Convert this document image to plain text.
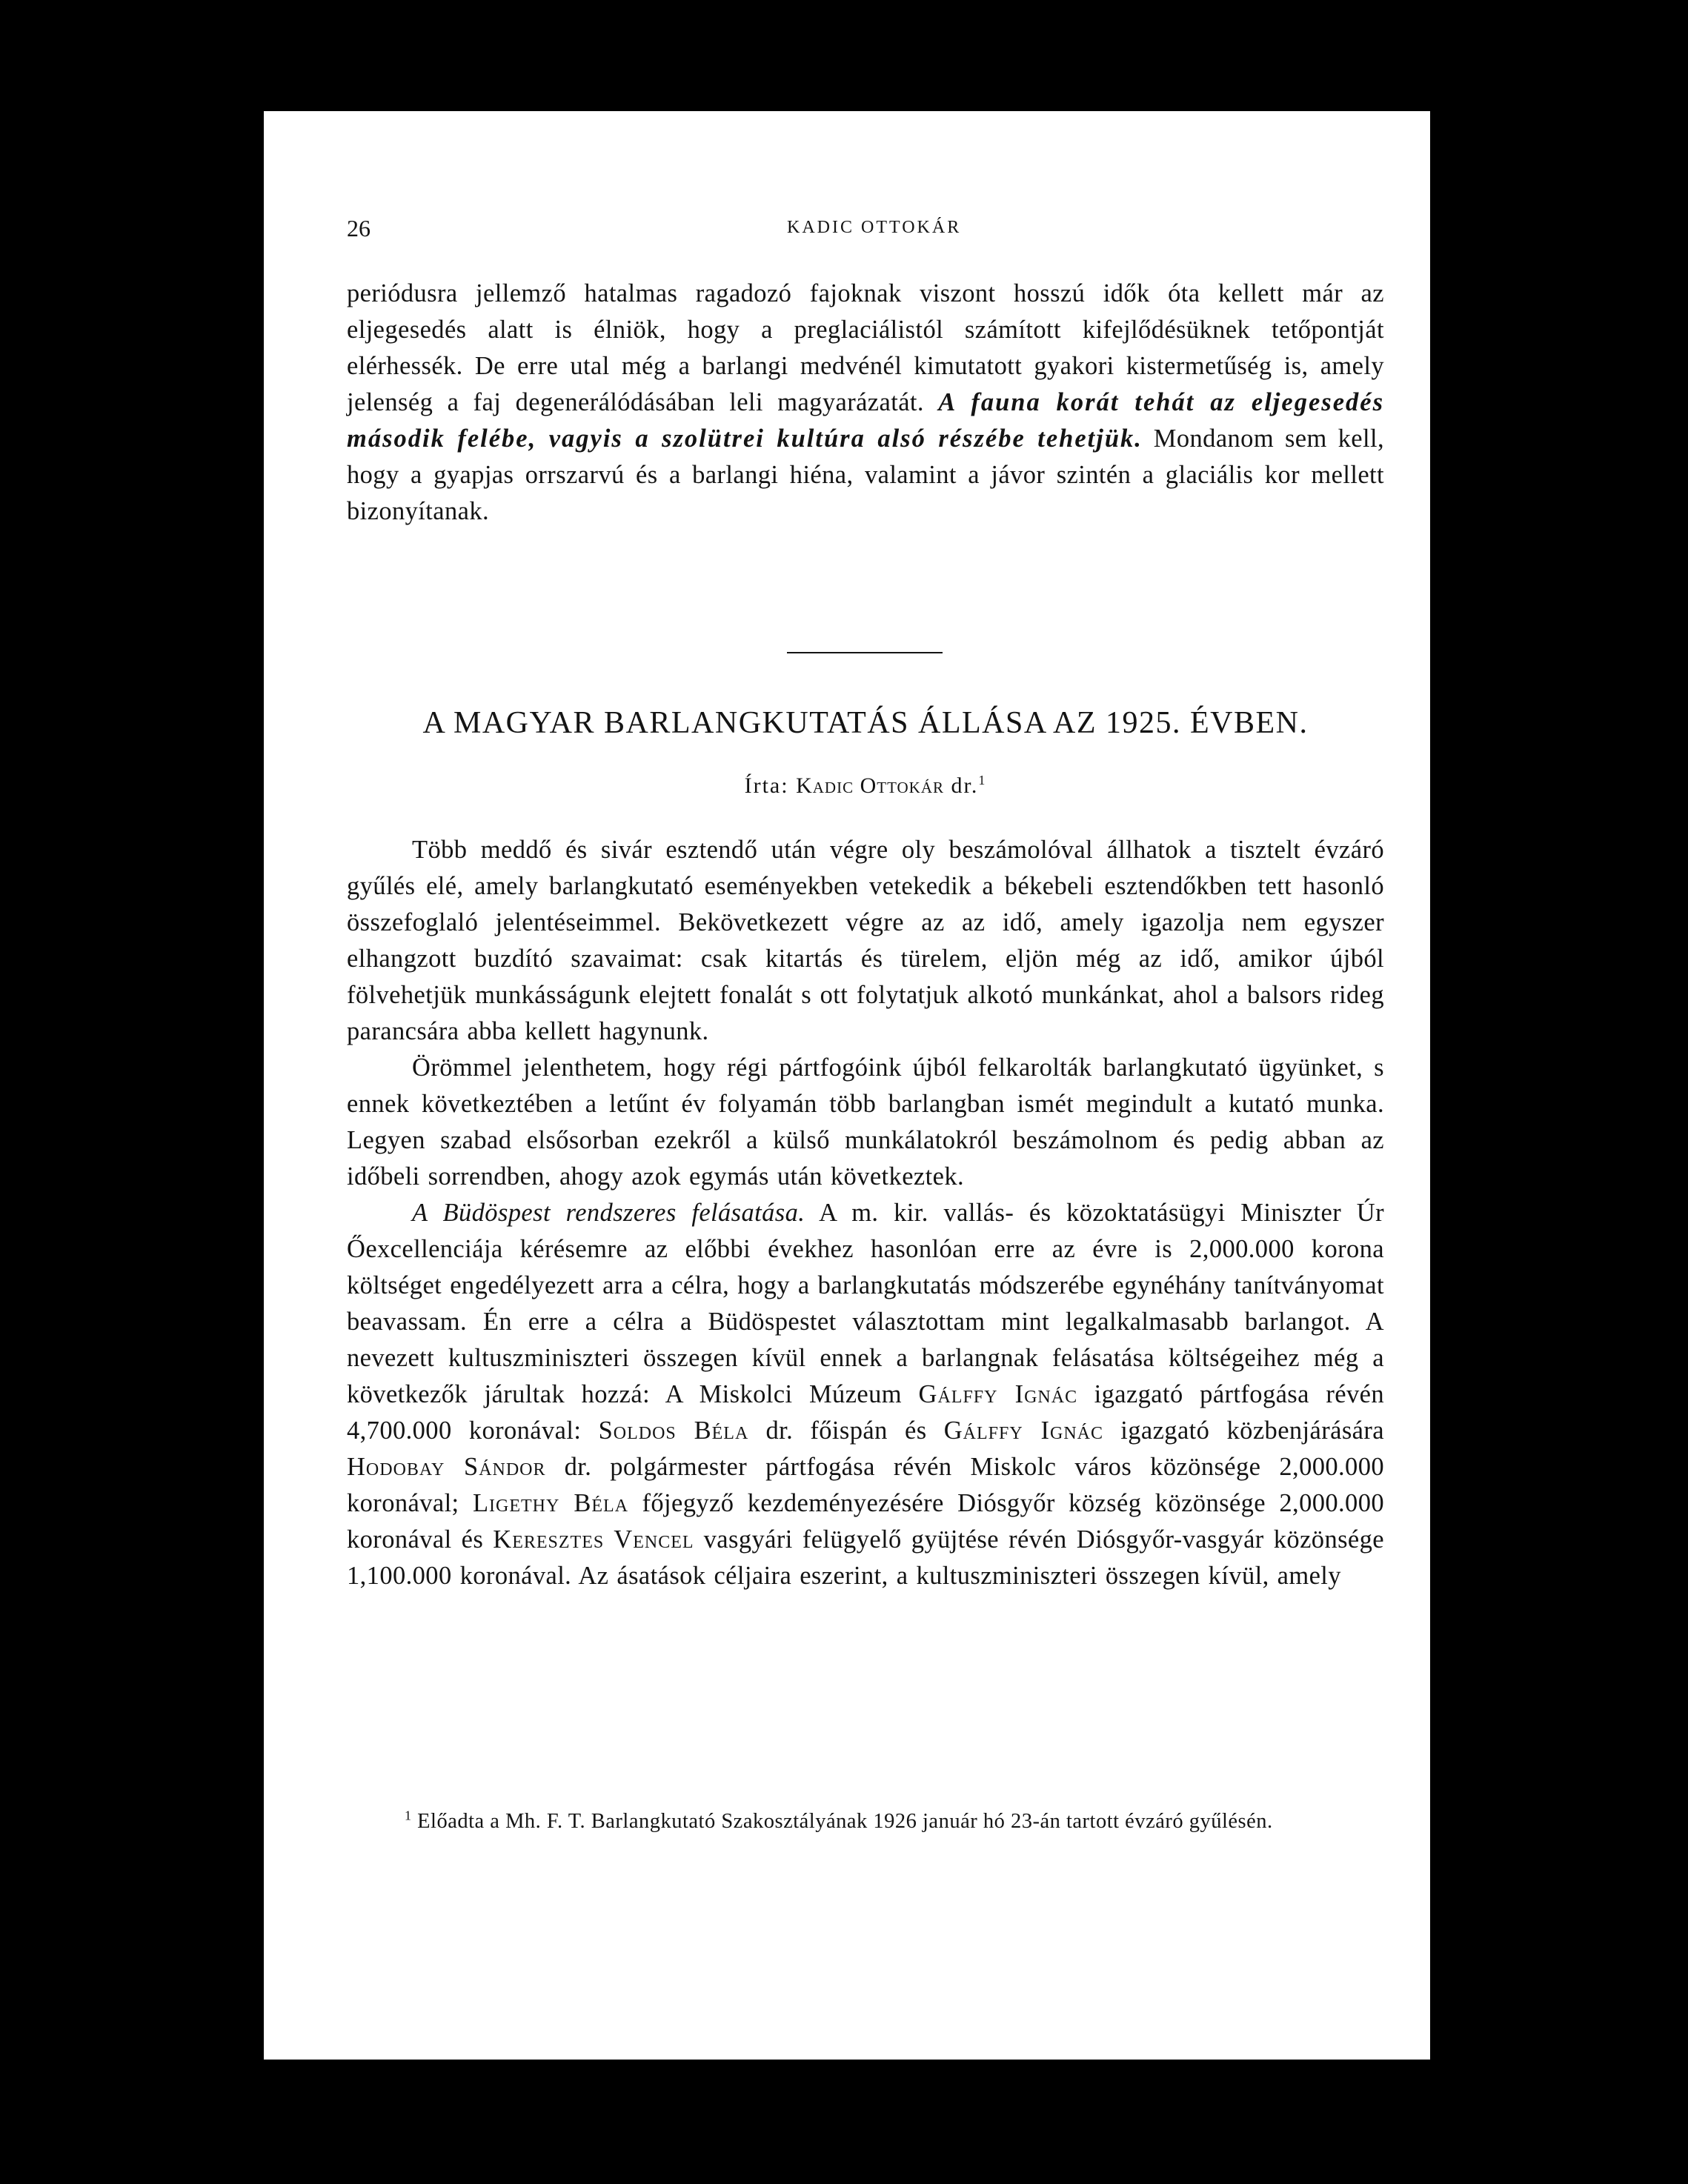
26	KADIC OTTOKÁR

periódusra jellemző hatalmas ragadozó fajoknak viszont hosszú idők óta kellett már az eljegesedés alatt is élniök, hogy a preglaciálistól számított kifejlődésüknek tetőpontját elérhessék. De erre utal még a barlangi medvénél kimutatott gyakori kistermetűség is, amely jelenség a faj degenerálódásában leli magyarázatát. A fauna korát tehát az eljegesedés második felébe, vagyis a szolütrei kultúra alsó részébe tehetjük. Mondanom sem kell, hogy a gyapjas orrszarvú és a barlangi hiéna, valamint a jávor szintén a glaciális kor mellett bizonyítanak.

A MAGYAR BARLANGKUTATÁS ÁLLÁSA AZ 1925. ÉVBEN.
Írta: Kadic Ottokár dr.$^1$

Több meddő és sivár esztendő után végre oly beszámolóval állhatok a tisztelt évzáró gyűlés elé, amely barlangkutató eseményekben vetekedik a békebeli esztendőkben tett hasonló összefoglaló jelentéseimmel. Bekövetkezett végre az az idő, amely igazolja nem egyszer elhangzott buzdító szavaimat: csak kitartás és türelem, eljön még az idő, amikor újból fölvehetjük munkásságunk elejtett fonalát s ott folytatjuk alkotó munkánkat, ahol a balsors rideg parancsára abba kellett hagynunk.

Örömmel jelenthetem, hogy régi pártfogóink újból felkarolták barlangkutató ügyünket, s ennek következtében a letűnt év folyamán több barlangban ismét megindult a kutató munka. Legyen szabad elsősorban ezekről a külső munkálatokról beszámolnom és pedig abban az időbeli sorrendben, ahogy azok egymás után következtek.

A Büdöspest rendszeres felásatása. A m. kir. vallás- és közoktatásügyi Miniszter Úr Őexcellenciája kérésemre az előbbi évekhez hasonlóan erre az évre is 2,000.000 korona költséget engedélyezett arra a célra, hogy a barlangkutatás módszerébe egynéhány tanítványomat beavassam. Én erre a célra a Büdöspestet választottam mint legalkalmasabb barlangot. A nevezett kultuszminiszteri összegen kívül ennek a barlangnak felásatása költségeihez még a következők járultak hozzá: A Miskolci Múzeum Gálffy Ignác igazgató pártfogása révén 4,700.000 koronával: Soldos Béla dr. főispán és Gálffy Ignác igazgató közbenjárására Hodobay Sándor dr. polgármester pártfogása révén Miskolc város közönsége 2,000.000 koronával; Ligethy Béla főjegyző kezdeményezésére Diósgyőr község közönsége 2,000.000 koronával és Keresztes Vencel vasgyári felügyelő gyüjtése révén Diósgyőr-vasgyár közönsége 1,100.000 koronával. Az ásatások céljaira eszerint, a kultuszminiszteri összegen kívül, amely

$^1$ Előadta a Mh. F. T. Barlangkutató Szakosztályának 1926 január hó 23-án tartott évzáró gyűlésén.
